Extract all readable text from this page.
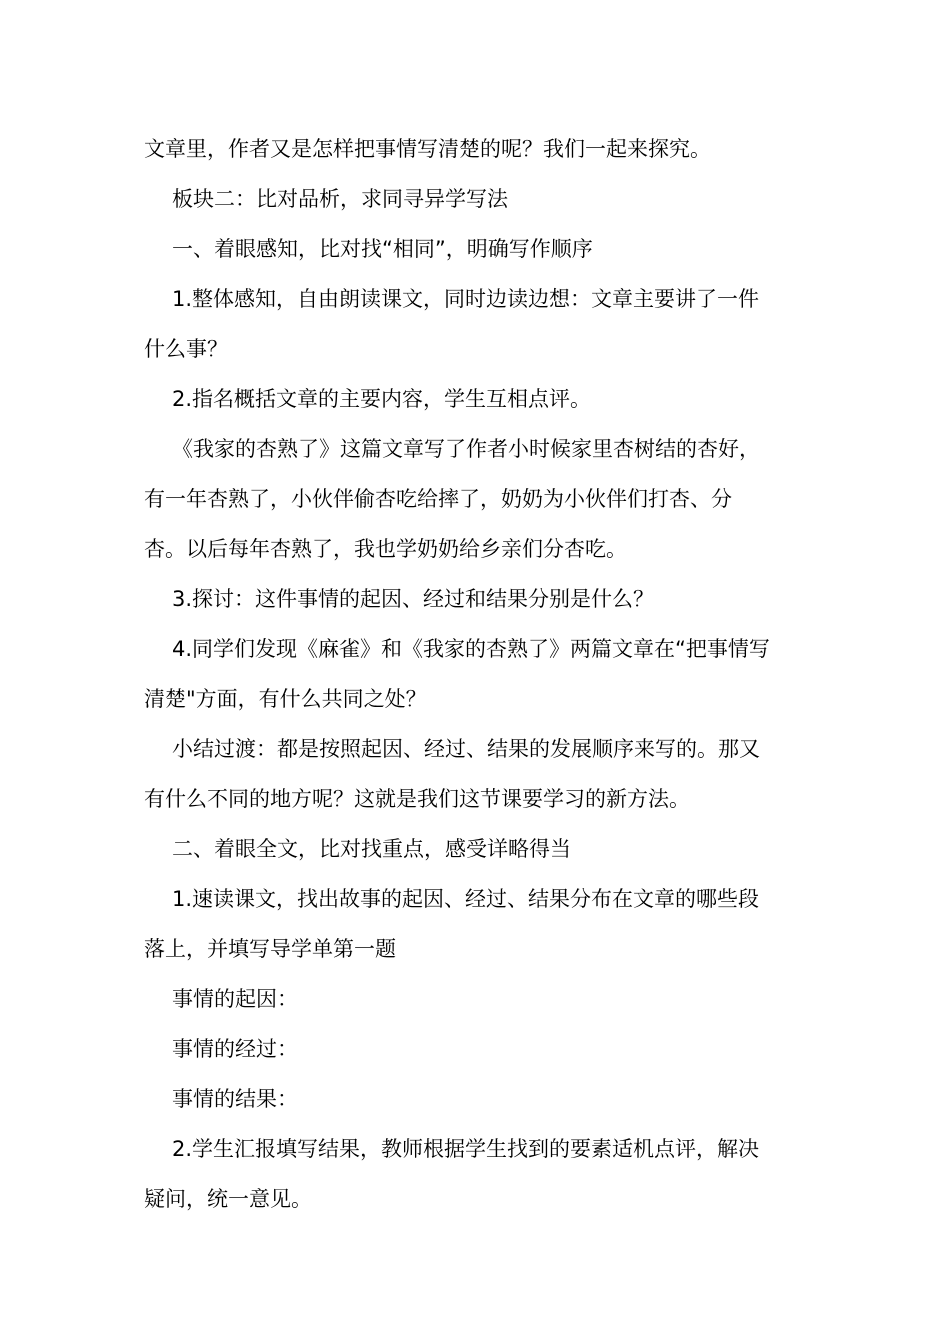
文章里，作者又是怎样把事情写清楚的呢？我们一起来探究。
板块二：比对品析，求同寻异学写法
一、着眼感知，比对找“相同”，明确写作顺序
1.整体感知，自由朗读课文，同时边读边想：文章主要讲了一件
什么事？
2.指名概括文章的主要内容，学生互相点评。
《我家的杏熟了》这篇文章写了作者小时候家里杏树结的杏好，
有一年杏熟了，小伙伴偷杏吃给摔了，奶奶为小伙伴们打杏、分
杏。以后每年杏熟了，我也学奶奶给乡亲们分杏吃。
3.探讨：这件事情的起因、经过和结果分别是什么？
4.同学们发现《麻雀》和《我家的杏熟了》两篇文章在“把事情写
清楚"方面，有什么共同之处？
小结过渡：都是按照起因、经过、结果的发展顺序来写的。那又
有什么不同的地方呢？这就是我们这节课要学习的新方法。
二、着眼全文，比对找重点，感受详略得当
1.速读课文，找出故事的起因、经过、结果分布在文章的哪些段
落上，并填写导学单第一题
事情的起因：
事情的经过：
事情的结果：
2.学生汇报填写结果，教师根据学生找到的要素适机点评，解决
疑问，统一意见。
